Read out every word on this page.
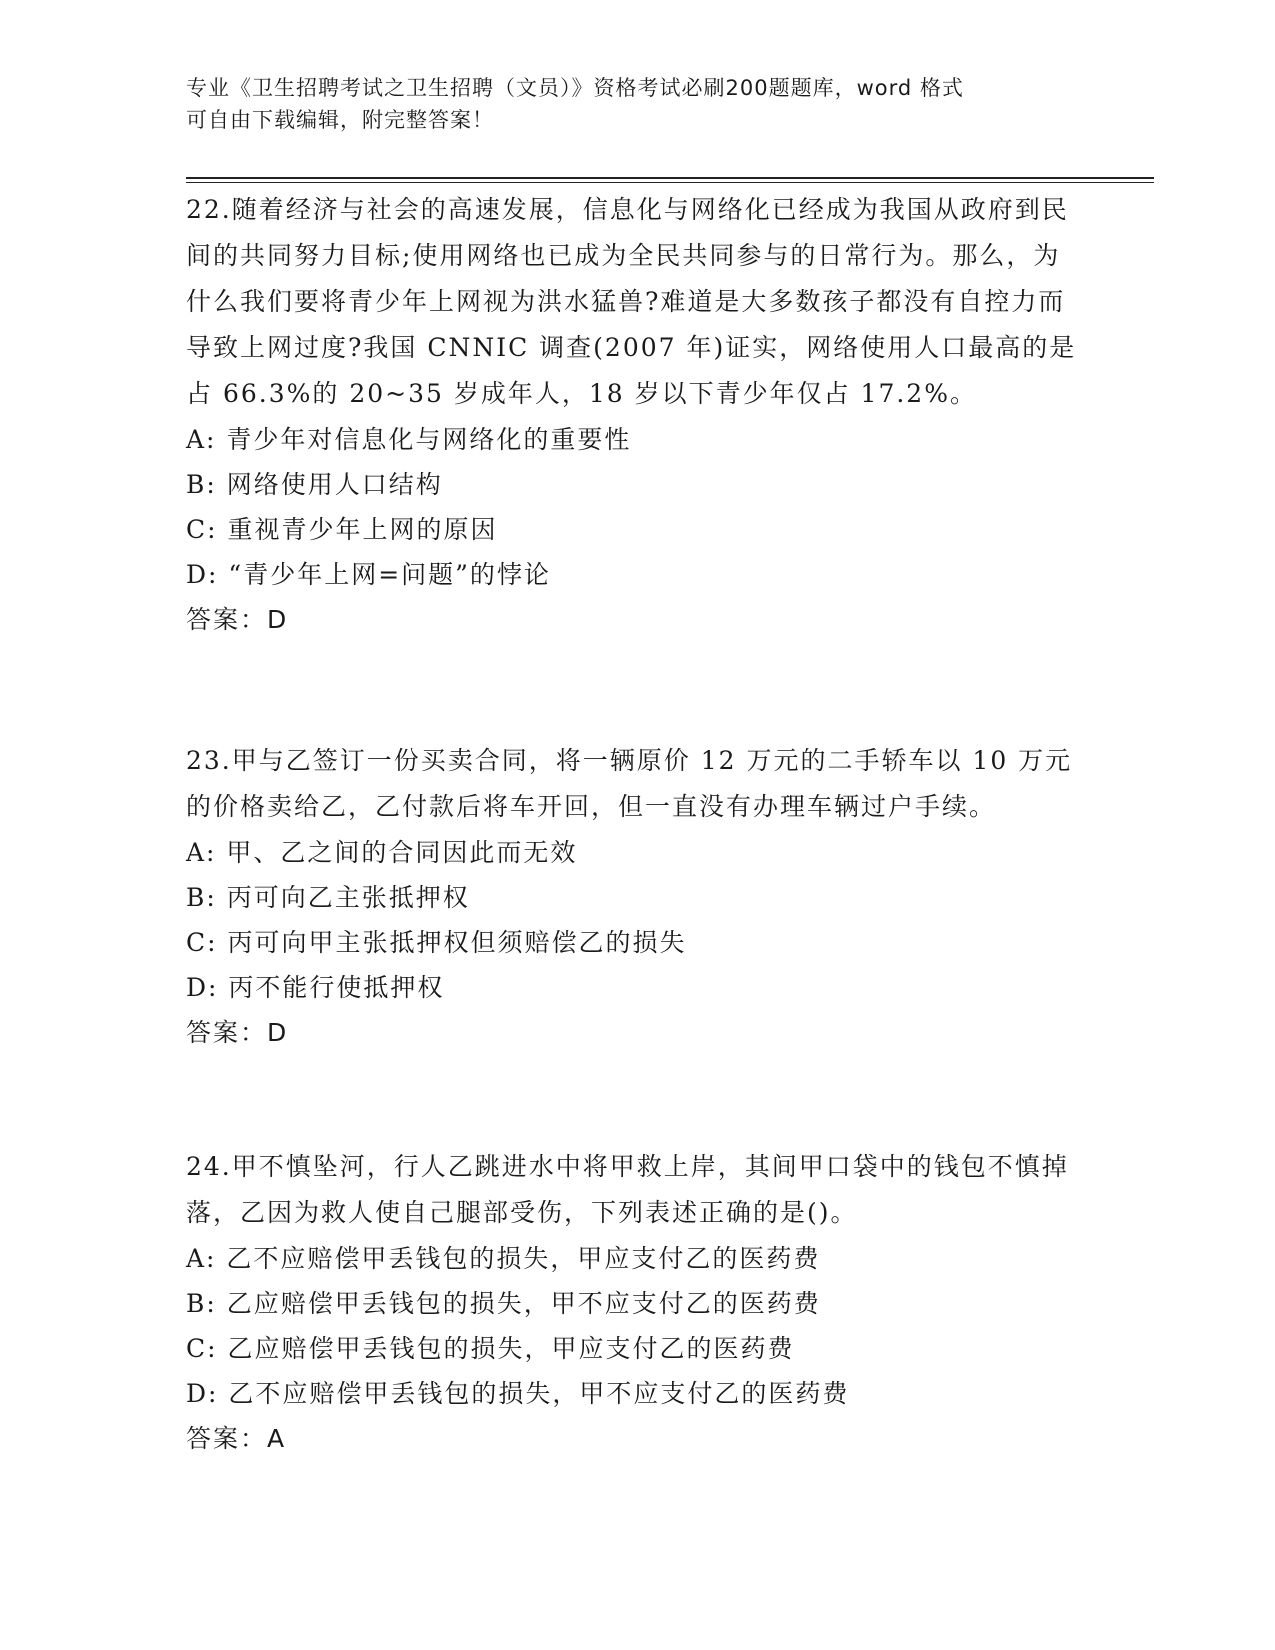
专业《卫生招聘考试之卫生招聘（文员）》资格考试必刷200题题库，word 格式
可自由下载编辑，附完整答案！

22.随着经济与社会的高速发展，信息化与网络化已经成为我国从政府到民间的共同努力目标;使用网络也已成为全民共同参与的日常行为。那么，为什么我们要将青少年上网视为洪水猛兽?难道是大多数孩子都没有自控力而导致上网过度?我国 CNNIC 调查(2007 年)证实，网络使用人口最高的是占 66.3%的 20~35 岁成年人，18 岁以下青少年仅占 17.2%。

A: 青少年对信息化与网络化的重要性

B: 网络使用人口结构

C: 重视青少年上网的原因

D: “青少年上网=问题”的悖论

答案：D

23.甲与乙签订一份买卖合同，将一辆原价 12 万元的二手轿车以 10 万元的价格卖给乙，乙付款后将车开回，但一直没有办理车辆过户手续。

A: 甲、乙之间的合同因此而无效

B: 丙可向乙主张抵押权

C: 丙可向甲主张抵押权但须赔偿乙的损失

D: 丙不能行使抵押权

答案：D

24.甲不慎坠河，行人乙跳进水中将甲救上岸，其间甲口袋中的钱包不慎掉落，乙因为救人使自己腿部受伤，下列表述正确的是()。

A: 乙不应赔偿甲丢钱包的损失，甲应支付乙的医药费

B: 乙应赔偿甲丢钱包的损失，甲不应支付乙的医药费

C: 乙应赔偿甲丢钱包的损失，甲应支付乙的医药费

D: 乙不应赔偿甲丢钱包的损失，甲不应支付乙的医药费

答案：A
